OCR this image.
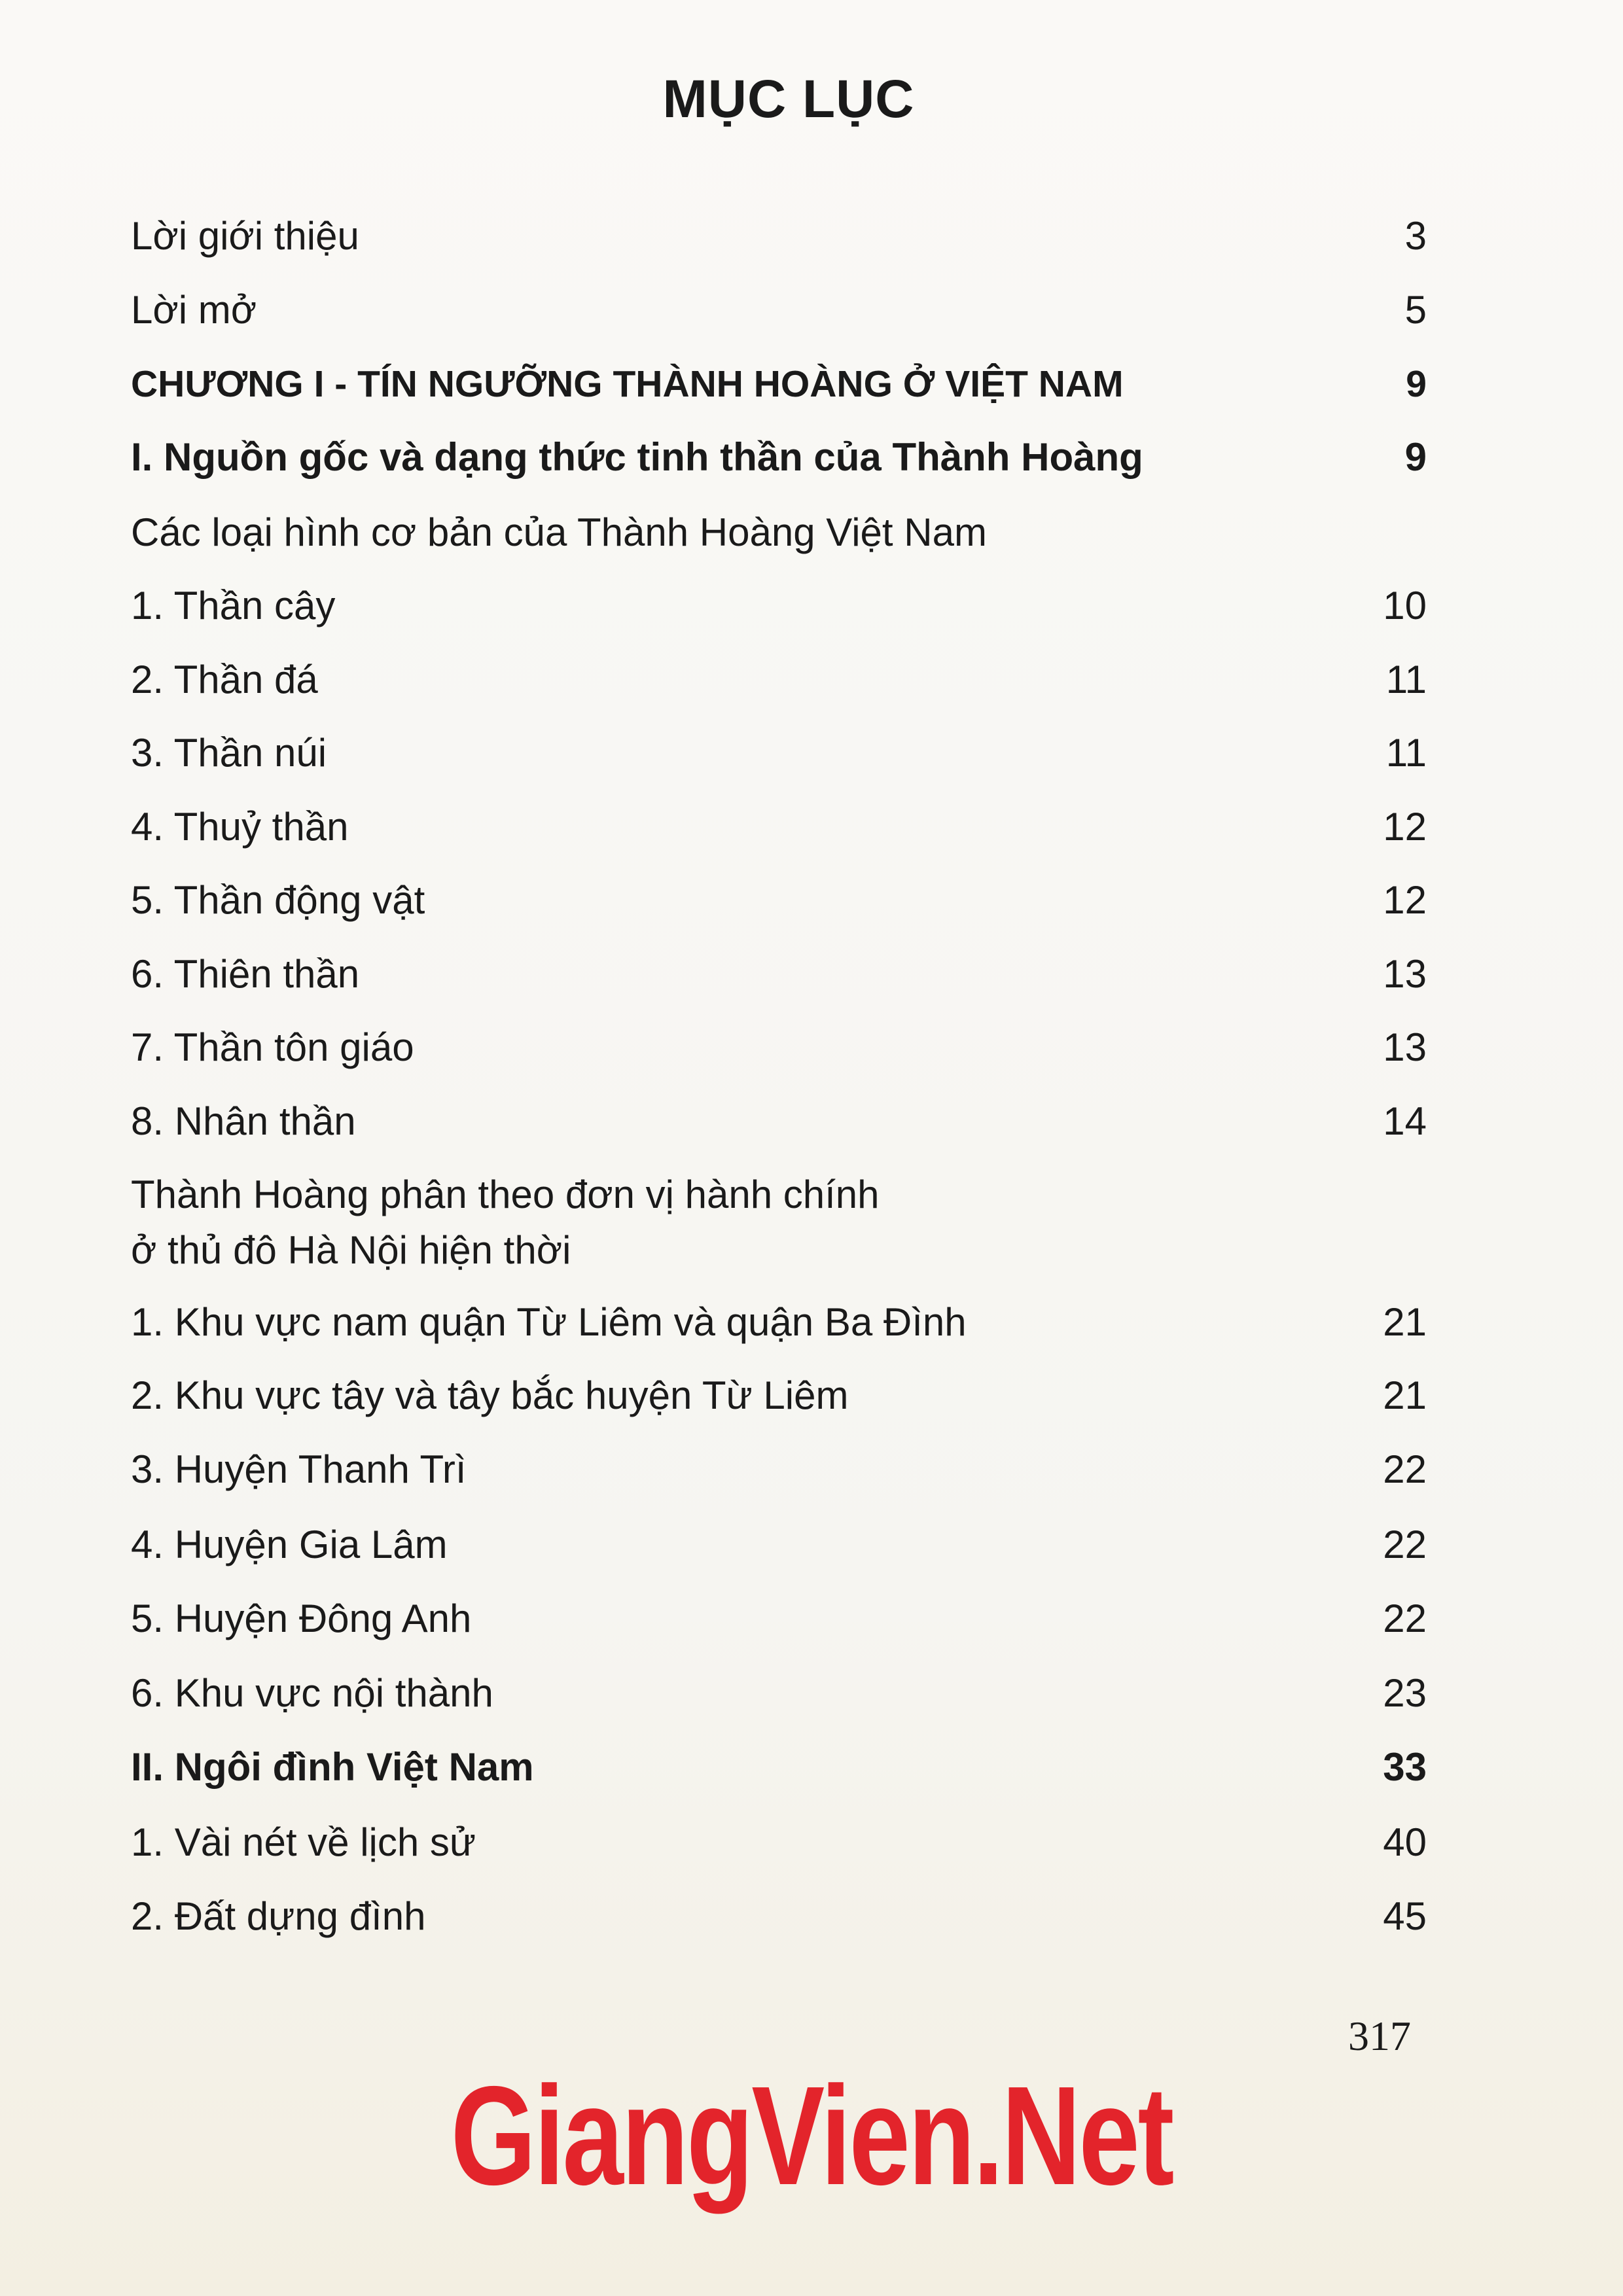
MỤC LỤC
Lời giới thiệu	3
Lời mở	5
CHƯƠNG I - TÍN NGƯỠNG THÀNH HOÀNG Ở VIỆT NAM	9
I. Nguồn gốc và dạng thức tinh thần của Thành Hoàng	9
Các loại hình cơ bản của Thành Hoàng Việt Nam
1. Thần cây	10
2. Thần đá	11
3. Thần núi	11
4. Thuỷ thần	12
5. Thần động vật	12
6. Thiên thần	13
7. Thần tôn giáo	13
8. Nhân thần	14
Thành Hoàng phân theo đơn vị hành chính
ở thủ đô Hà Nội hiện thời
1. Khu vực nam quận Từ Liêm và quận Ba Đình	21
2. Khu vực tây và tây bắc huyện Từ Liêm	21
3. Huyện Thanh Trì	22
4. Huyện Gia Lâm	22
5. Huyện Đông Anh	22
6. Khu vực nội thành	23
II. Ngôi đình Việt Nam	33
1. Vài nét về lịch sử	40
2. Đất dựng đình	45
317
GiangVien.Net
